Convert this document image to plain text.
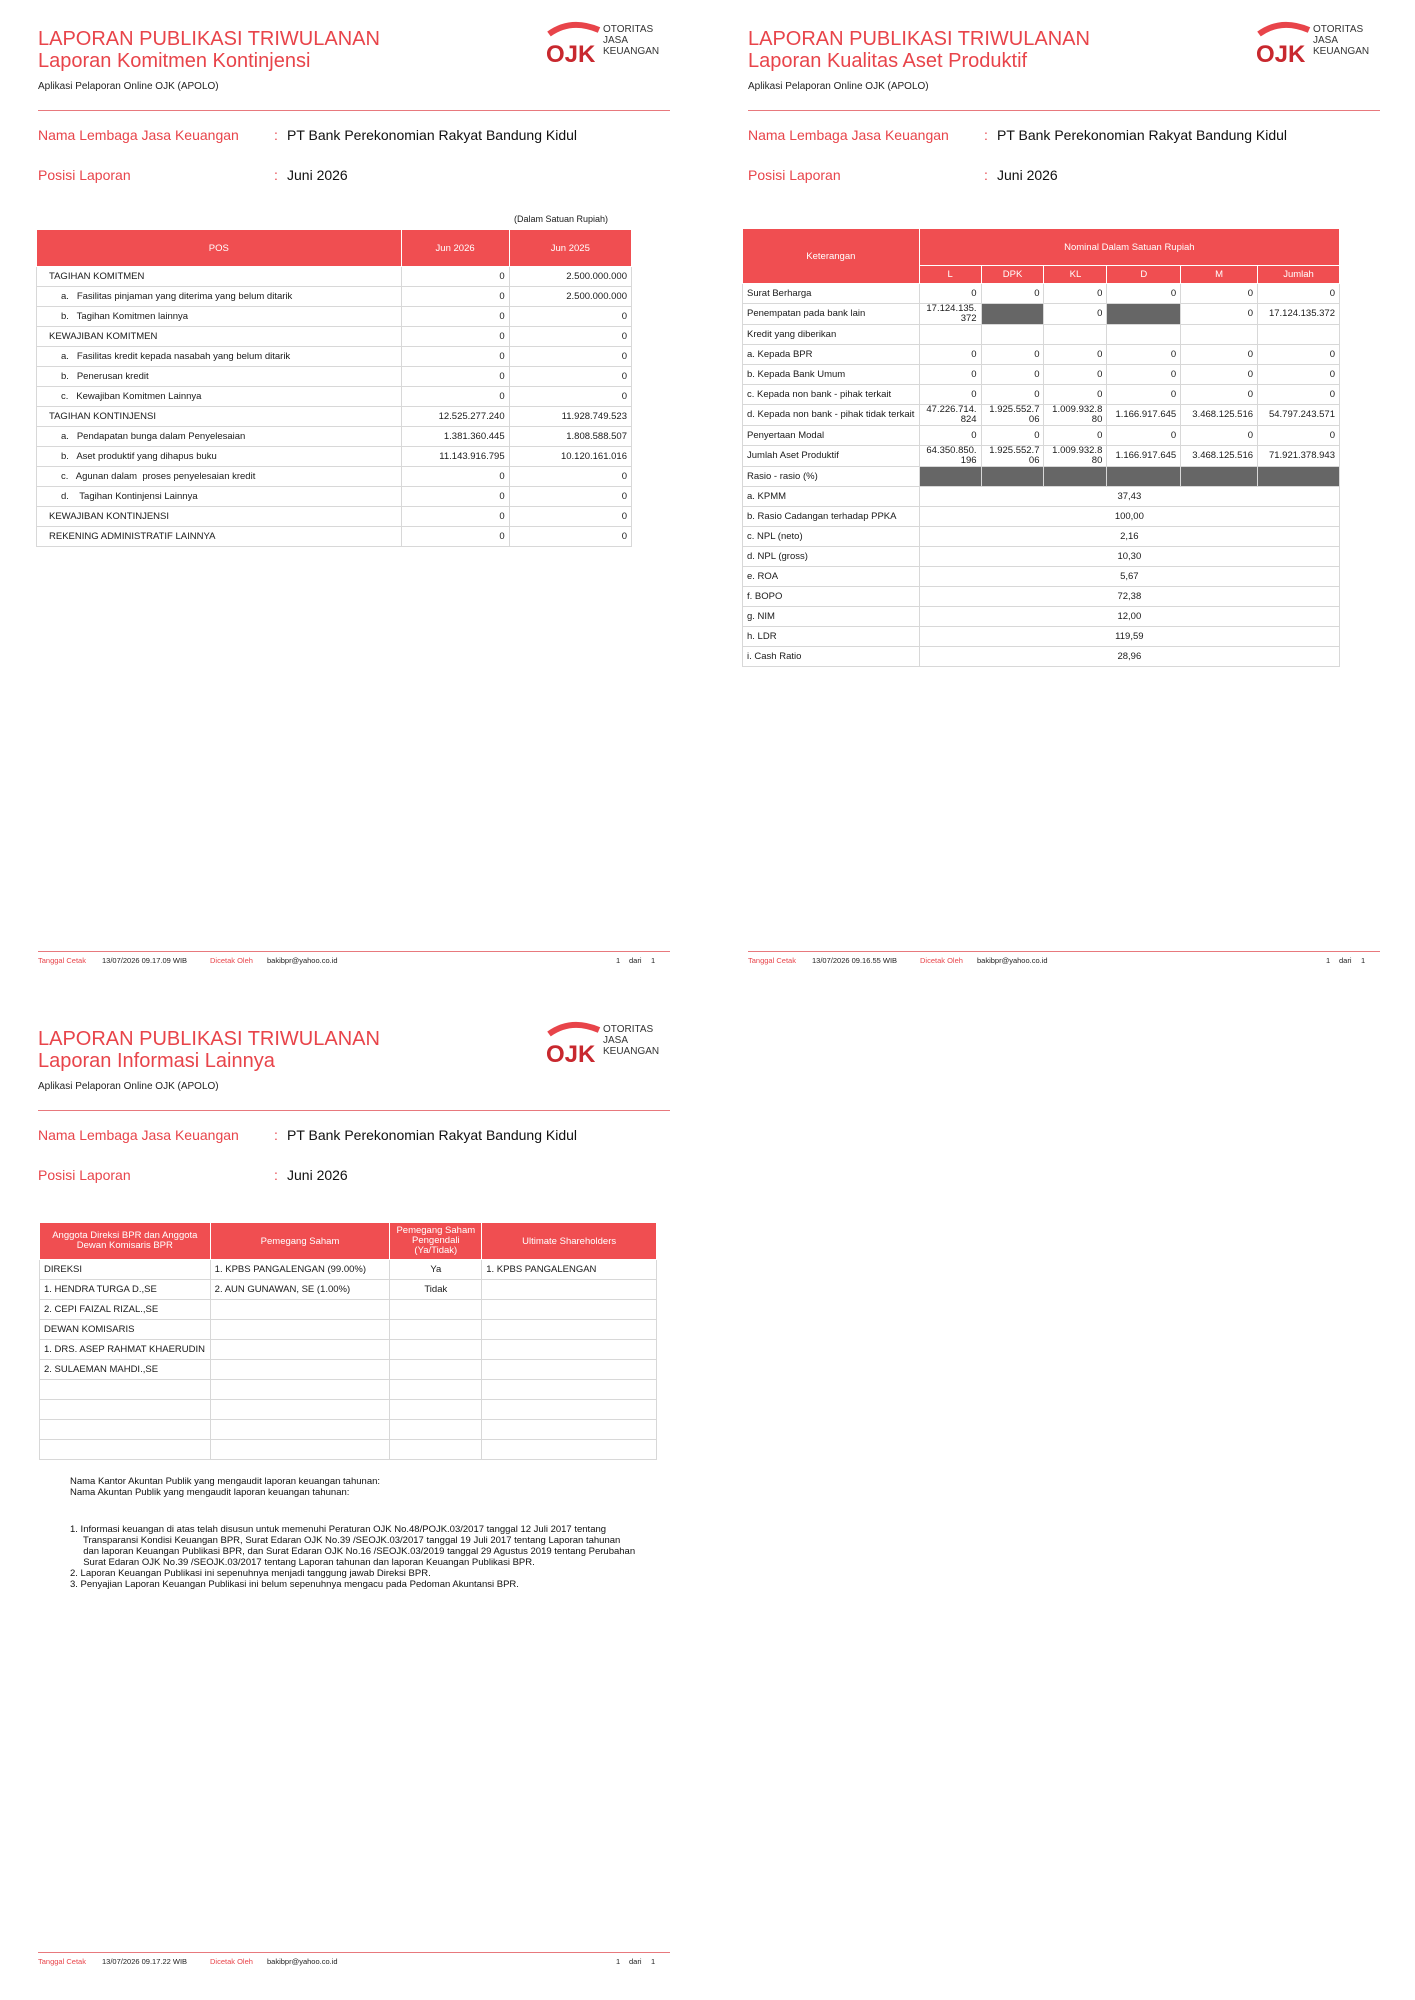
LAPORAN PUBLIKASI TRIWULANAN
Laporan Komitmen Kontinjensi
Aplikasi Pelaporan Online OJK (APOLO)
OJK
OTORITAS
JASA
KEUANGAN
Nama Lembaga Jasa Keuangan	: PT Bank Perekonomian Rakyat Bandung Kidul
Posisi Laporan	: Juni 2026
(Dalam Satuan Rupiah)
POS	Jun 2026	Jun 2025
TAGIHAN KOMITMEN	0	2.500.000.000
a.   Fasilitas pinjaman yang diterima yang belum ditarik	0	2.500.000.000
b.   Tagihan Komitmen lainnya	0	0
KEWAJIBAN KOMITMEN	0	0
a.   Fasilitas kredit kepada nasabah yang belum ditarik	0	0
b.   Penerusan kredit	0	0
c.   Kewajiban Komitmen Lainnya	0	0
TAGIHAN KONTINJENSI	12.525.277.240	11.928.749.523
a.   Pendapatan bunga dalam Penyelesaian	1.381.360.445	1.808.588.507
b.   Aset produktif yang dihapus buku	11.143.916.795	10.120.161.016
c.   Agunan dalam  proses penyelesaian kredit	0	0
d.    Tagihan Kontinjensi Lainnya	0	0
KEWAJIBAN KONTINJENSI	0	0
REKENING ADMINISTRATIF LAINNYA	0	0
Tanggal Cetak 13/07/2026 09.17.09 WIB	Dicetak Oleh bakibpr@yahoo.co.id	1 dari 1
LAPORAN PUBLIKASI TRIWULANAN
Laporan Kualitas Aset Produktif
Aplikasi Pelaporan Online OJK (APOLO)
OJK
OTORITAS
JASA
KEUANGAN
Nama Lembaga Jasa Keuangan	: PT Bank Perekonomian Rakyat Bandung Kidul
Posisi Laporan	: Juni 2026
Keterangan	Nominal Dalam Satuan Rupiah					
	L	DPK	KL	D	M	Jumlah
Surat Berharga	0	0	0	0	0	0
Penempatan pada bank lain	17.124.135.372		0		0	17.124.135.372
Kredit yang diberikan						
a. Kepada BPR	0	0	0	0	0	0
b. Kepada Bank Umum	0	0	0	0	0	0
c. Kepada non bank - pihak terkait	0	0	0	0	0	0
d. Kepada non bank - pihak tidak terkait	47.226.714.824	1.925.552.706	1.009.932.880	1.166.917.645	3.468.125.516	54.797.243.571
Penyertaan Modal	0	0	0	0	0	0
Jumlah Aset Produktif	64.350.850.196	1.925.552.706	1.009.932.880	1.166.917.645	3.468.125.516	71.921.378.943
Rasio - rasio (%)						
a. KPMM	37,43					
b. Rasio Cadangan terhadap PPKA	100,00					
c. NPL (neto)	2,16					
d. NPL (gross)	10,30					
e. ROA	5,67					
f. BOPO	72,38					
g. NIM	12,00					
h. LDR	119,59					
i. Cash Ratio	28,96					
Tanggal Cetak 13/07/2026 09.16.55 WIB	Dicetak Oleh bakibpr@yahoo.co.id	1 dari 1
LAPORAN PUBLIKASI TRIWULANAN
Laporan Informasi Lainnya
Aplikasi Pelaporan Online OJK (APOLO)
OJK
OTORITAS
JASA
KEUANGAN
Nama Lembaga Jasa Keuangan	: PT Bank Perekonomian Rakyat Bandung Kidul
Posisi Laporan	: Juni 2026
Anggota Direksi BPR dan Anggota Dewan Komisaris BPR	Pemegang Saham	Pemegang Saham Pengendali (Ya/Tidak)	Ultimate Shareholders
DIREKSI	1. KPBS PANGALENGAN (99.00%)	Ya	1. KPBS PANGALENGAN
1. HENDRA TURGA D.,SE	2. AUN GUNAWAN, SE (1.00%)	Tidak	
2. CEPI FAIZAL RIZAL.,SE			
DEWAN KOMISARIS			
1. DRS. ASEP RAHMAT KHAERUDIN			
2. SULAEMAN MAHDI.,SE			

Nama Kantor Akuntan Publik yang mengaudit laporan keuangan tahunan:
Nama Akuntan Publik yang mengaudit laporan keuangan tahunan:
1. Informasi keuangan di atas telah disusun untuk memenuhi Peraturan OJK No.48/POJK.03/2017 tanggal 12 Juli 2017 tentang
Transparansi Kondisi Keuangan BPR, Surat Edaran OJK No.39 /SEOJK.03/2017 tanggal 19 Juli 2017 tentang Laporan tahunan
dan laporan Keuangan Publikasi BPR, dan Surat Edaran OJK No.16 /SEOJK.03/2019 tanggal 29 Agustus 2019 tentang Perubahan
Surat Edaran OJK No.39 /SEOJK.03/2017 tentang Laporan tahunan dan laporan Keuangan Publikasi BPR.
2. Laporan Keuangan Publikasi ini sepenuhnya menjadi tanggung jawab Direksi BPR.
3. Penyajian Laporan Keuangan Publikasi ini belum sepenuhnya mengacu pada Pedoman Akuntansi BPR.
Tanggal Cetak 13/07/2026 09.17.22 WIB	Dicetak Oleh bakibpr@yahoo.co.id	1 dari 1
